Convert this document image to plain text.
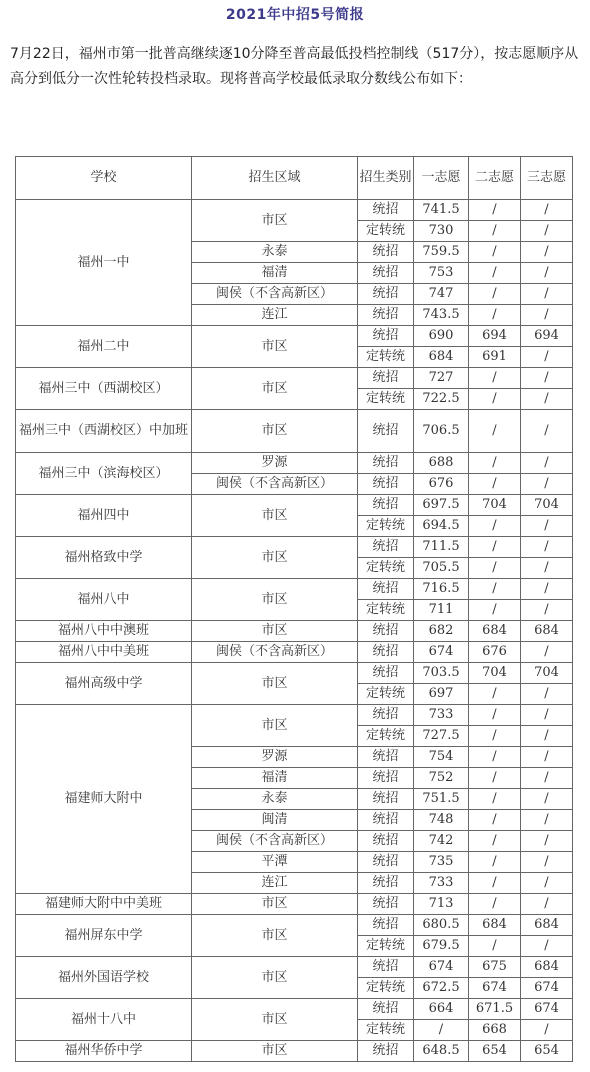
2021年中招5号简报
7月22日，福州市第一批普高继续逐10分降至普高最低投档控制线（517分），按志愿顺序从高分到低分一次性轮转投档录取。现将普高学校最低录取分数线公布如下：
学校	招生区域	招生类别	一志愿	二志愿	三志愿
福州一中	市区	统招	741.5	/	/
		定转统	730	/	/
	永泰	统招	759.5	/	/
	福清	统招	753	/	/
	闽侯（不含高新区）	统招	747	/	/
	连江	统招	743.5	/	/
福州二中	市区	统招	690	694	694
		定转统	684	691	/
福州三中（西湖校区）	市区	统招	727	/	/
		定转统	722.5	/	/
福州三中（西湖校区）中加班	市区	统招	706.5	/	/
福州三中（滨海校区）	罗源	统招	688	/	/
	闽侯（不含高新区）	统招	676	/	/
福州四中	市区	统招	697.5	704	704
		定转统	694.5	/	/
福州格致中学	市区	统招	711.5	/	/
		定转统	705.5	/	/
福州八中	市区	统招	716.5	/	/
		定转统	711	/	/
福州八中中澳班	市区	统招	682	684	684
福州八中中美班	闽侯（不含高新区）	统招	674	676	/
福州高级中学	市区	统招	703.5	704	704
		定转统	697	/	/
福建师大附中	市区	统招	733	/	/
		定转统	727.5	/	/
	罗源	统招	754	/	/
	福清	统招	752	/	/
	永泰	统招	751.5	/	/
	闽清	统招	748	/	/
	闽侯（不含高新区）	统招	742	/	/
	平潭	统招	735	/	/
	连江	统招	733	/	/
福建师大附中中美班	市区	统招	713	/	/
福州屏东中学	市区	统招	680.5	684	684
		定转统	679.5	/	/
福州外国语学校	市区	统招	674	675	684
		定转统	672.5	674	674
福州十八中	市区	统招	664	671.5	674
		定转统	/	668	/
福州华侨中学	市区	统招	648.5	654	654
